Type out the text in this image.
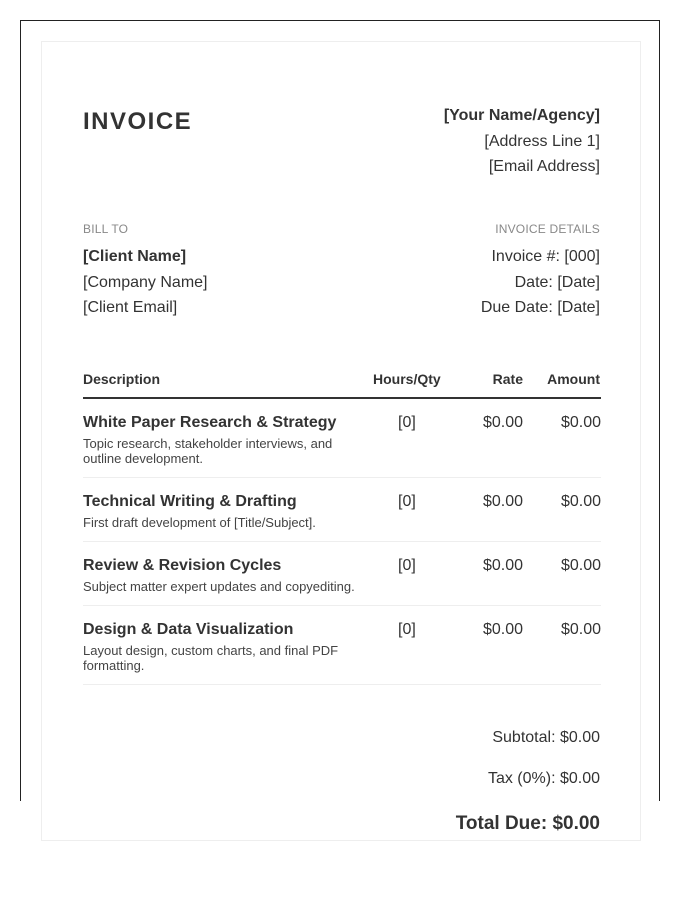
INVOICE	[Your Name/Agency]
[Address Line 1]
[Email Address]
BILL TO	INVOICE DETAILS
[Client Name]
[Company Name]
[Client Email]
Invoice #: [000]
Date: [Date]
Due Date: [Date]
Description	Hours/Qty	Rate Amount
White Paper Research & Strategy
Topic research, stakeholder interviews, and outline development.
[0]	$0.00 $0.00
Technical Writing & Drafting
First draft development of [Title/Subject].
[0]	$0.00 $0.00
Review & Revision Cycles
Subject matter expert updates and copyediting.
[0]	$0.00 $0.00
Design & Data Visualization
Layout design, custom charts, and final PDF formatting.
[0]	$0.00 $0.00
Subtotal: $0.00
Tax (0%): $0.00
Total Due: $0.00
